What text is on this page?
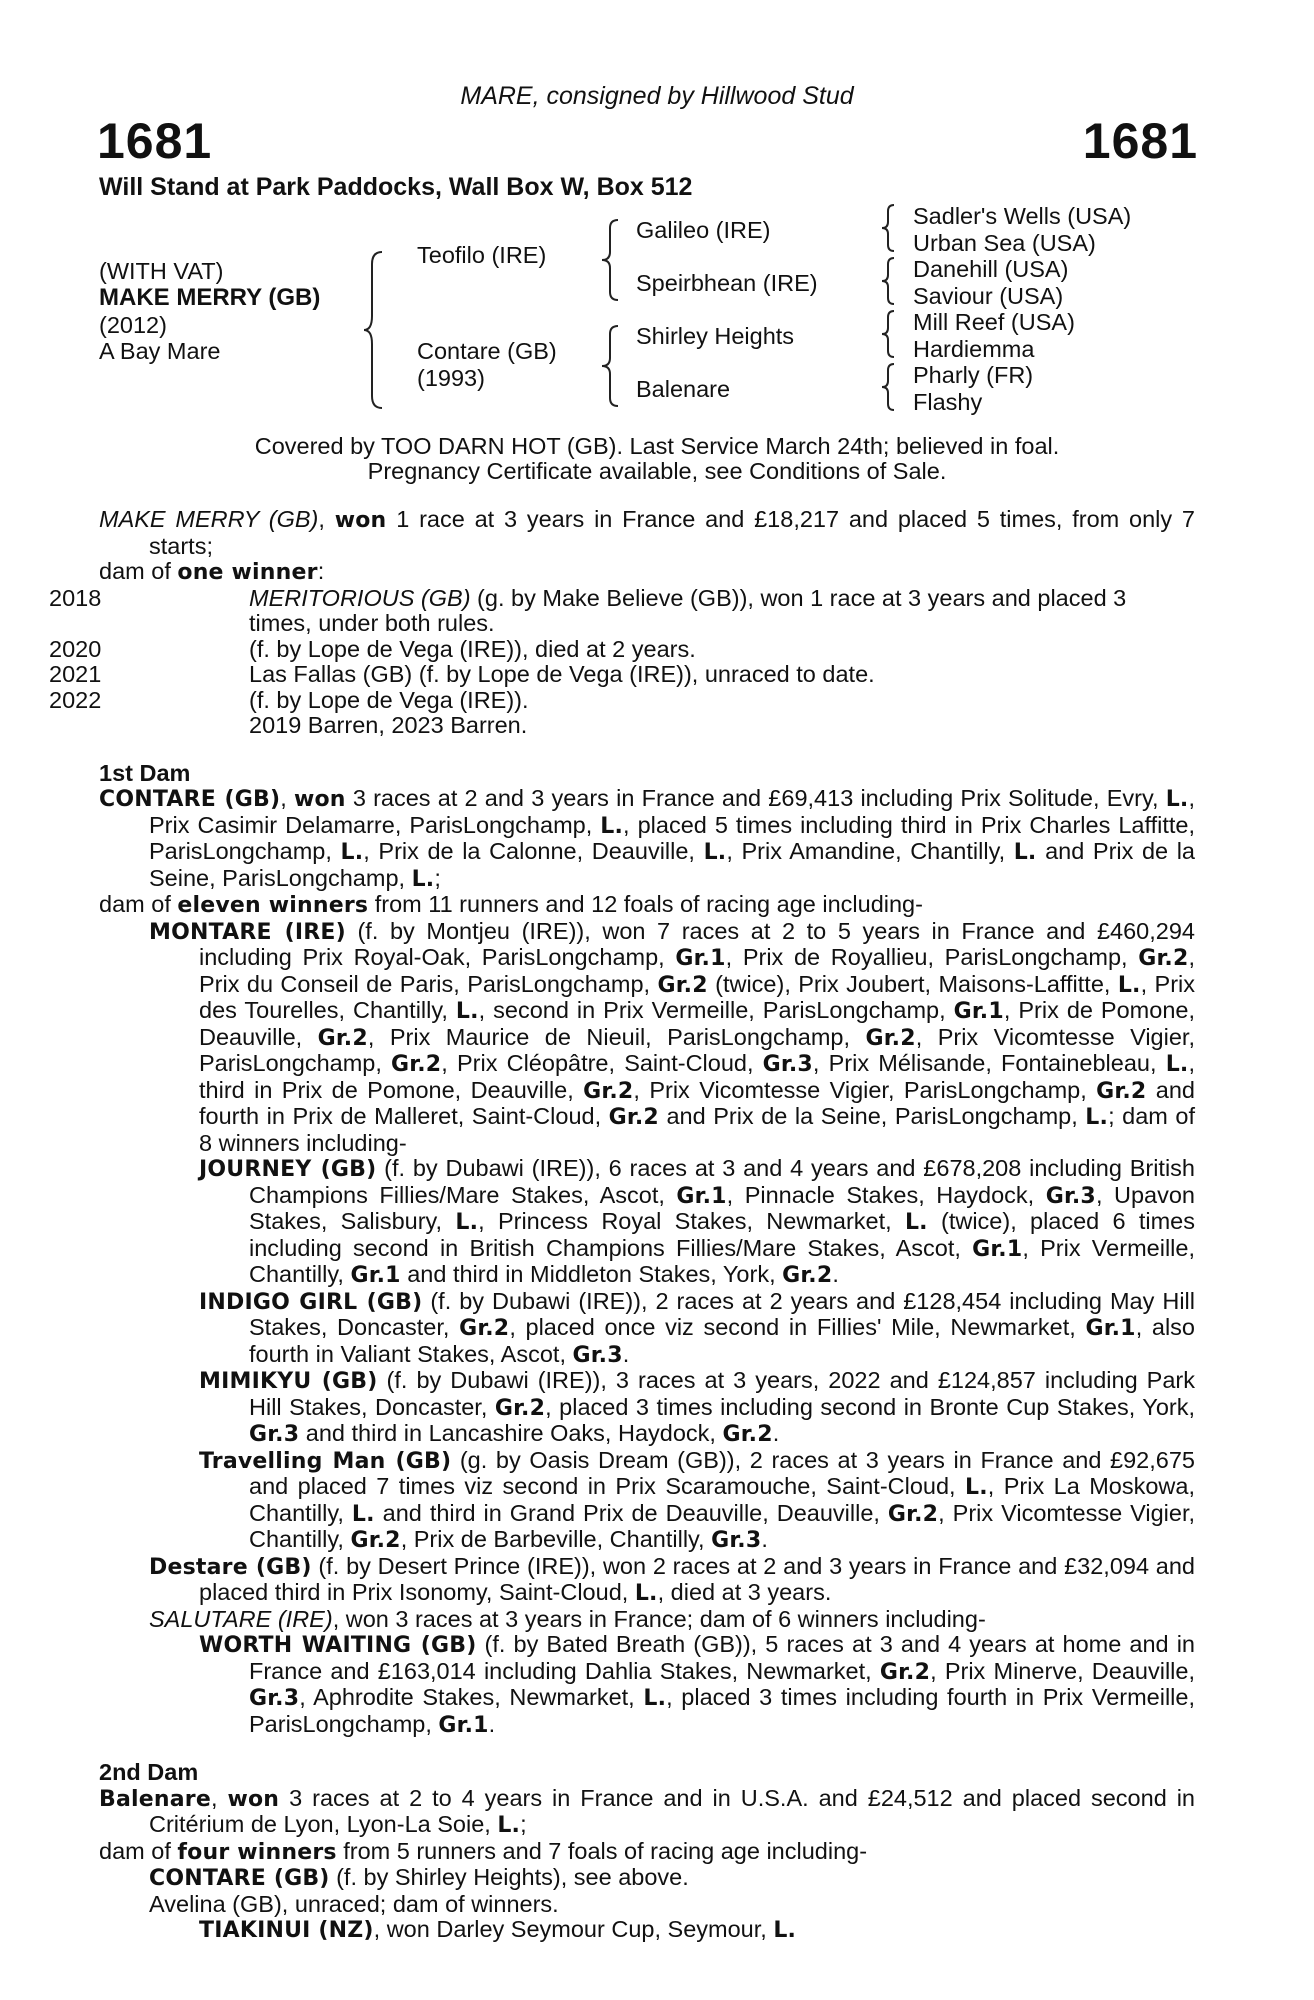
MARE, consigned by Hillwood Stud
1681	1681
Will Stand at Park Paddocks, Wall Box W, Box 512
(WITH VAT)
MAKE MERRY (GB)
(2012)
A Bay Mare
Teofilo (IRE)
Contare (GB)
(1993)
Galileo (IRE)
Speirbhean (IRE)
Shirley Heights
Balenare
Sadler's Wells (USA)
Urban Sea (USA)
Danehill (USA)
Saviour (USA)
Mill Reef (USA)
Hardiemma
Pharly (FR)
Flashy
Covered by TOO DARN HOT (GB). Last Service March 24th; believed in foal.
Pregnancy Certificate available, see Conditions of Sale.

MAKE MERRY (GB), won 1 race at 3 years in France and £18,217 and placed 5 times, from only 7 starts;

dam of one winner:

2018	MERITORIOUS (GB) (g. by Make Believe (GB)), won 1 race at 3 years and placed 3 times, under both rules.

2020	(f. by Lope de Vega (IRE)), died at 2 years.

2021	Las Fallas (GB) (f. by Lope de Vega (IRE)), unraced to date.

2022	(f. by Lope de Vega (IRE)).

2019 Barren, 2023 Barren.

1st Dam

CONTARE (GB), won 3 races at 2 and 3 years in France and £69,413 including Prix Solitude, Evry, L., Prix Casimir Delamarre, ParisLongchamp, L., placed 5 times including third in Prix Charles Laffitte, ParisLongchamp, L., Prix de la Calonne, Deauville, L., Prix Amandine, Chantilly, L. and Prix de la Seine, ParisLongchamp, L.;

dam of eleven winners from 11 runners and 12 foals of racing age including-

MONTARE (IRE) (f. by Montjeu (IRE)), won 7 races at 2 to 5 years in France and £460,294 including Prix Royal-Oak, ParisLongchamp, Gr.1, Prix de Royallieu, ParisLongchamp, Gr.2, Prix du Conseil de Paris, ParisLongchamp, Gr.2 (twice), Prix Joubert, Maisons-Laffitte, L., Prix des Tourelles, Chantilly, L., second in Prix Vermeille, ParisLongchamp, Gr.1, Prix de Pomone, Deauville, Gr.2, Prix Maurice de Nieuil, ParisLongchamp, Gr.2, Prix Vicomtesse Vigier, ParisLongchamp, Gr.2, Prix Cléopâtre, Saint-Cloud, Gr.3, Prix Mélisande, Fontainebleau, L., third in Prix de Pomone, Deauville, Gr.2, Prix Vicomtesse Vigier, ParisLongchamp, Gr.2 and fourth in Prix de Malleret, Saint-Cloud, Gr.2 and Prix de la Seine, ParisLongchamp, L.; dam of 8 winners including-

JOURNEY (GB) (f. by Dubawi (IRE)), 6 races at 3 and 4 years and £678,208 including British Champions Fillies/Mare Stakes, Ascot, Gr.1, Pinnacle Stakes, Haydock, Gr.3, Upavon Stakes, Salisbury, L., Princess Royal Stakes, Newmarket, L. (twice), placed 6 times including second in British Champions Fillies/Mare Stakes, Ascot, Gr.1, Prix Vermeille, Chantilly, Gr.1 and third in Middleton Stakes, York, Gr.2.

INDIGO GIRL (GB) (f. by Dubawi (IRE)), 2 races at 2 years and £128,454 including May Hill Stakes, Doncaster, Gr.2, placed once viz second in Fillies' Mile, Newmarket, Gr.1, also fourth in Valiant Stakes, Ascot, Gr.3.

MIMIKYU (GB) (f. by Dubawi (IRE)), 3 races at 3 years, 2022 and £124,857 including Park Hill Stakes, Doncaster, Gr.2, placed 3 times including second in Bronte Cup Stakes, York, Gr.3 and third in Lancashire Oaks, Haydock, Gr.2.

Travelling Man (GB) (g. by Oasis Dream (GB)), 2 races at 3 years in France and £92,675 and placed 7 times viz second in Prix Scaramouche, Saint-Cloud, L., Prix La Moskowa, Chantilly, L. and third in Grand Prix de Deauville, Deauville, Gr.2, Prix Vicomtesse Vigier, Chantilly, Gr.2, Prix de Barbeville, Chantilly, Gr.3.

Destare (GB) (f. by Desert Prince (IRE)), won 2 races at 2 and 3 years in France and £32,094 and placed third in Prix Isonomy, Saint-Cloud, L., died at 3 years.

SALUTARE (IRE), won 3 races at 3 years in France; dam of 6 winners including-

WORTH WAITING (GB) (f. by Bated Breath (GB)), 5 races at 3 and 4 years at home and in France and £163,014 including Dahlia Stakes, Newmarket, Gr.2, Prix Minerve, Deauville, Gr.3, Aphrodite Stakes, Newmarket, L., placed 3 times including fourth in Prix Vermeille, ParisLongchamp, Gr.1.

2nd Dam

Balenare, won 3 races at 2 to 4 years in France and in U.S.A. and £24,512 and placed second in Critérium de Lyon, Lyon-La Soie, L.;

dam of four winners from 5 runners and 7 foals of racing age including-

CONTARE (GB) (f. by Shirley Heights), see above.

Avelina (GB), unraced; dam of winners.

TIAKINUI (NZ), won Darley Seymour Cup, Seymour, L.
